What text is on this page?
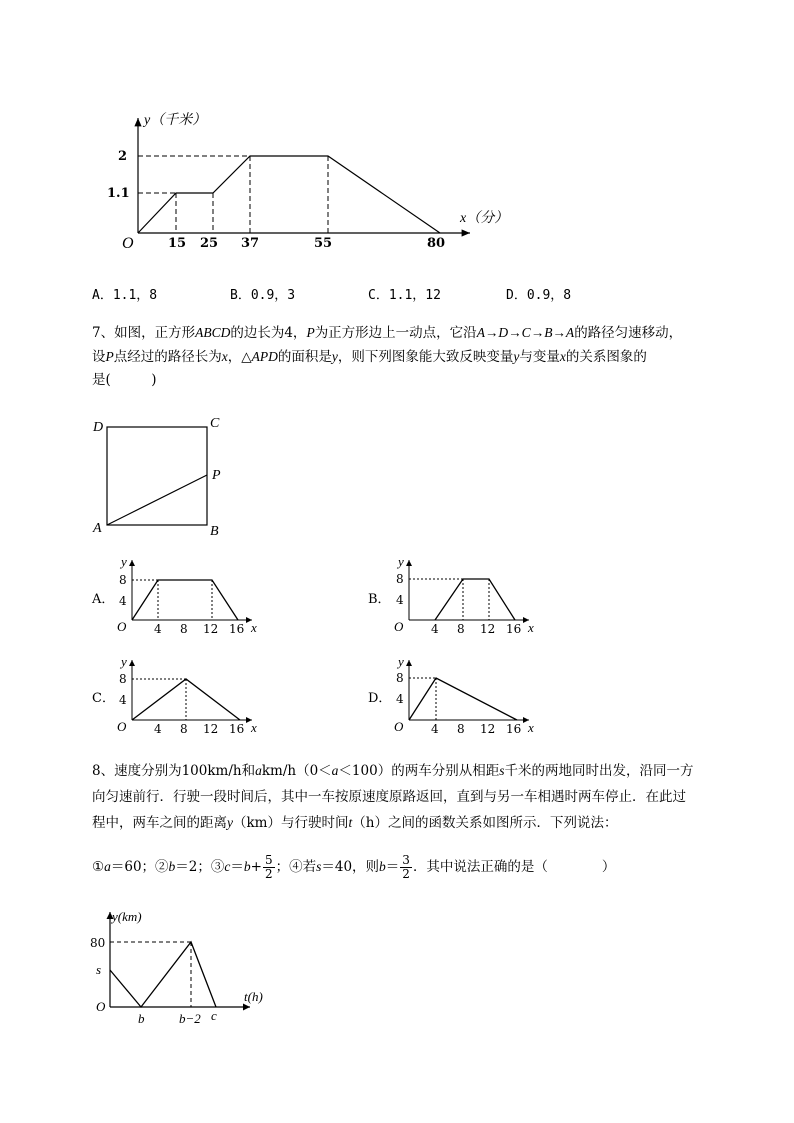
y（千米）
x（分）
O
2
1.1
15 25 37	55	80
A．1.1，8	B．0.9，3	C．1.1，12	D．0.9，8
7、如图，正方形ABCD的边长为4，P为正方形边上一动点，它沿A→D→C→B→A的路径匀速移动，
设P点经过的路径长为x，△APD的面积是y，则下列图象能大致反映变量y与变量x的关系图象的
是(　　　)
D	C
P
A	B
A．
y
x
O
8
4
4 8 12 16
B．
y
x
O
8
4
4 8 12 16
C．
y
x
O
8
4
4 8 12 16
D．
y
x
O
8
4
4 8 12 16
8、速度分别为100km/h和akm/h（0＜a＜100）的两车分别从相距s千米的两地同时出发，沿同一方
向匀速前行．行驶一段时间后，其中一车按原速度原路返回，直到与另一车相遇时两车停止．在此过
程中，两车之间的距离y（km）与行驶时间t（h）之间的函数关系如图所示．下列说法：
①a＝60；②b＝2；③c＝b+ $\frac{5}{2}$ ；④若s＝40，则$b= \frac{3}{2}$ ．其中说法正确的是（　　　　）
y(km)
t(h)
80
s
O
b	b−2 c
